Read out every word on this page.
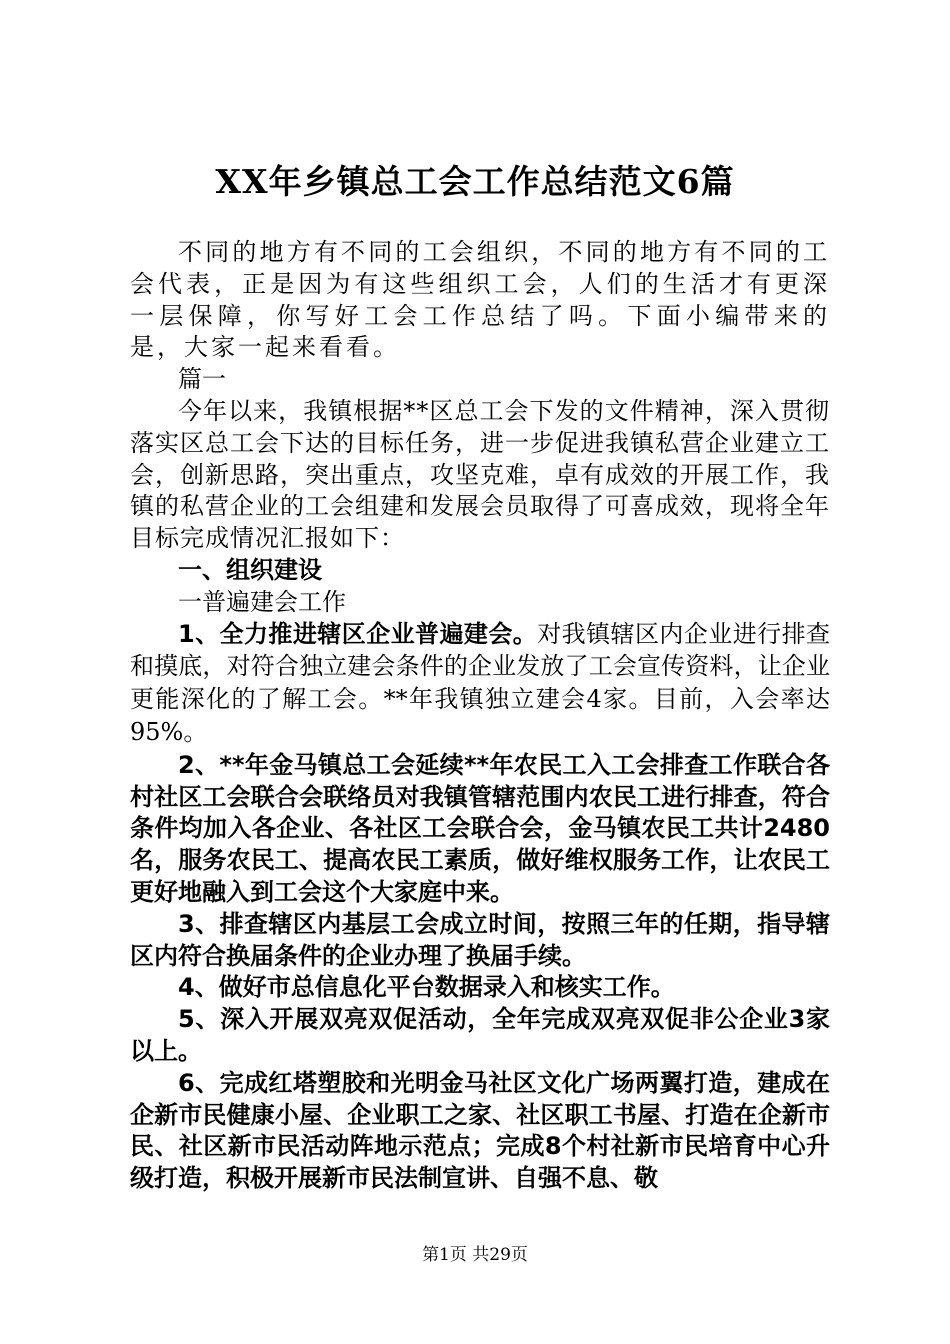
XX年乡镇总工会工作总结范文6篇

不同的地方有不同的工会组织，不同的地方有不同的工会代表，正是因为有这些组织工会，人们的生活才有更深一层保障，你写好工会工作总结了吗。下面小编带来的是，大家一起来看看。

篇一

今年以来，我镇根据**区总工会下发的文件精神，深入贯彻落实区总工会下达的目标任务，进一步促进我镇私营企业建立工会，创新思路，突出重点，攻坚克难，卓有成效的开展工作，我镇的私营企业的工会组建和发展会员取得了可喜成效，现将全年目标完成情况汇报如下：

一、组织建设

一普遍建会工作

1、全力推进辖区企业普遍建会。对我镇辖区内企业进行排查和摸底，对符合独立建会条件的企业发放了工会宣传资料，让企业更能深化的了解工会。**年我镇独立建会4家。目前，入会率达95%。

2、**年金马镇总工会延续**年农民工入工会排查工作联合各村社区工会联合会联络员对我镇管辖范围内农民工进行排查，符合条件均加入各企业、各社区工会联合会，金马镇农民工共计2480名，服务农民工、提高农民工素质，做好维权服务工作，让农民工更好地融入到工会这个大家庭中来。

3、排查辖区内基层工会成立时间，按照三年的任期，指导辖区内符合换届条件的企业办理了换届手续。

4、做好市总信息化平台数据录入和核实工作。

5、深入开展双亮双促活动，全年完成双亮双促非公企业3家以上。

6、完成红塔塑胶和光明金马社区文化广场两翼打造，建成在企新市民健康小屋、企业职工之家、社区职工书屋、打造在企新市民、社区新市民活动阵地示范点；完成8个村社新市民培育中心升级打造，积极开展新市民法制宣讲、自强不息、敬

第1页 共29页
